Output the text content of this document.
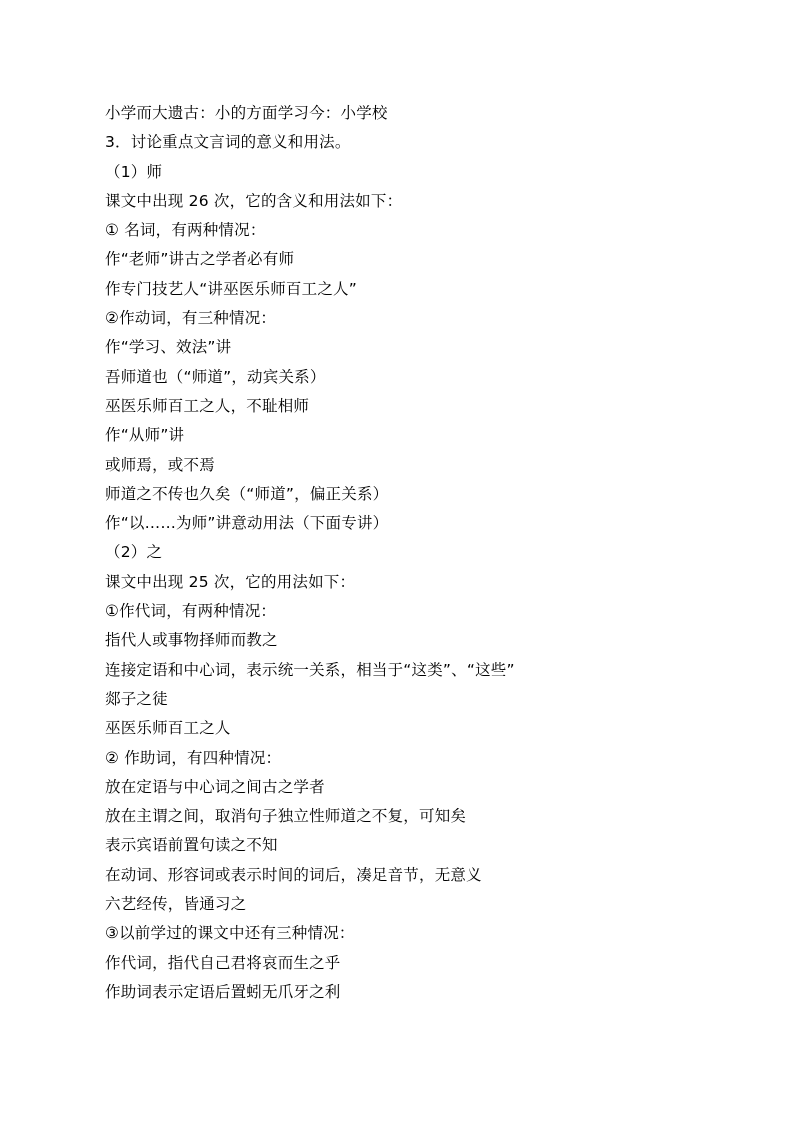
小学而大遗古：小的方面学习今：小学校
3．讨论重点文言词的意义和用法。
（1）师
课文中出现 26 次，它的含义和用法如下：
① 名词，有两种情况：
作“老师”讲古之学者必有师
作专门技艺人“讲巫医乐师百工之人”
②作动词，有三种情况：
作“学习、效法”讲
吾师道也（“师道”，动宾关系）
巫医乐师百工之人，不耻相师
作“从师”讲
或师焉，或不焉
师道之不传也久矣（“师道”，偏正关系）
作“以……为师”讲意动用法（下面专讲）
（2）之
课文中出现 25 次，它的用法如下：
①作代词，有两种情况：
指代人或事物择师而教之
连接定语和中心词，表示统一关系，相当于“这类”、“这些”
郯子之徒
巫医乐师百工之人
② 作助词，有四种情况：
放在定语与中心词之间古之学者
放在主谓之间，取消句子独立性师道之不复，可知矣
表示宾语前置句读之不知
在动词、形容词或表示时间的词后，凑足音节，无意义
六艺经传，皆通习之
③以前学过的课文中还有三种情况：
作代词，指代自己君将哀而生之乎
作助词表示定语后置蚓无爪牙之利
